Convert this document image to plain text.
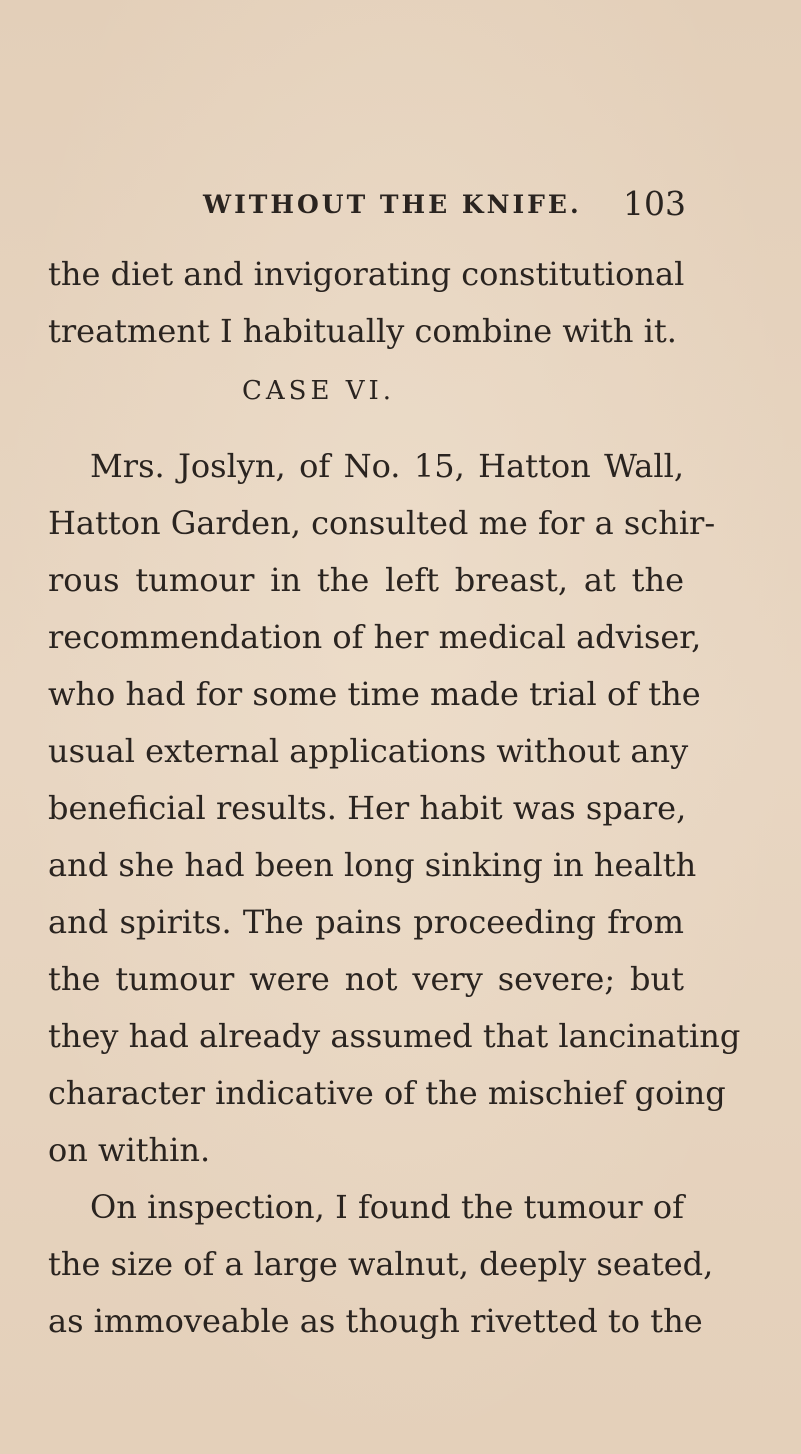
WITHOUT THE KNIFE. 103
the diet and invigorating constitutional
treatment I habitually combine with it.
CASE VI.
Mrs. Joslyn, of No. 15, Hatton Wall,
Hatton Garden, consulted me for a schir-
rous tumour in the left breast, at the
recommendation of her medical adviser,
who had for some time made trial of the
usual external applications without any
beneficial results. Her habit was spare,
and she had been long sinking in health
and spirits. The pains proceeding from
the tumour were not very severe; but
they had already assumed that lancinating
character indicative of the mischief going
on within.
On inspection, I found the tumour of
the size of a large walnut, deeply seated,
as immoveable as though rivetted to the
